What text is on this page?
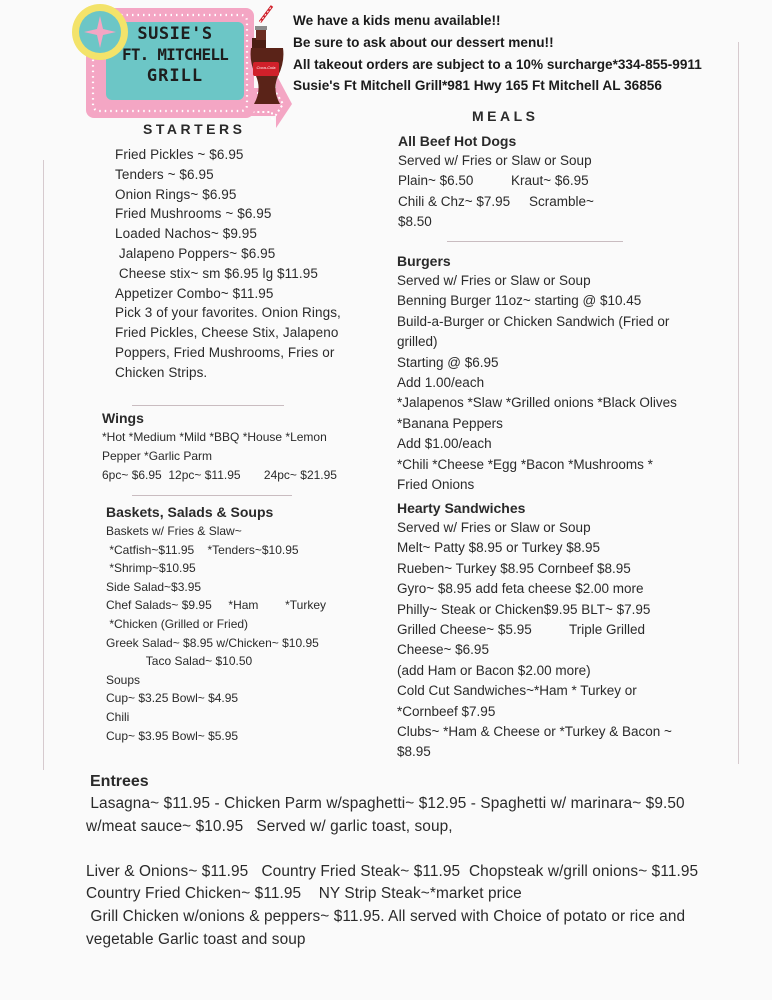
SUSIE'S
FT. MITCHELL
GRILL	Coca-Cola
We have a kids menu available!!
Be sure to ask about our dessert menu!!
All takeout orders are subject to a 10% surcharge*334-855-9911
Susie's Ft Mitchell Grill*981 Hwy 165 Ft Mitchell AL 36856
STARTERS
Fried Pickles ~ $6.95
Tenders ~ $6.95
Onion Rings~ $6.95
Fried Mushrooms ~ $6.95
Loaded Nachos~ $9.95
Jalapeno Poppers~ $6.95
Cheese stix~ sm $6.95 lg $11.95
Appetizer Combo~ $11.95
Pick 3 of your favorites. Onion Rings,
Fried Pickles, Cheese Stix, Jalapeno
Poppers, Fried Mushrooms, Fries or
Chicken Strips.
Wings
*Hot *Medium *Mild *BBQ *House *Lemon
Pepper *Garlic Parm
6pc~ $6.95  12pc~ $11.95       24pc~ $21.95
Baskets, Salads & Soups
Baskets w/ Fries & Slaw~
*Catfish~$11.95    *Tenders~$10.95
*Shrimp~$10.95
Side Salad~$3.95
Chef Salads~ $9.95     *Ham        *Turkey
*Chicken (Grilled or Fried)
Greek Salad~ $8.95 w/Chicken~ $10.95
Taco Salad~ $10.50
Soups
Cup~ $3.25 Bowl~ $4.95
Chili
Cup~ $3.95 Bowl~ $5.95
MEALS
All Beef Hot Dogs
Served w/ Fries or Slaw or Soup
Plain~ $6.50          Kraut~ $6.95
Chili & Chz~ $7.95     Scramble~
$8.50
Burgers
Served w/ Fries or Slaw or Soup
Benning Burger 11oz~ starting @ $10.45
Build-a-Burger or Chicken Sandwich (Fried or
grilled)
Starting @ $6.95
Add 1.00/each
*Jalapenos *Slaw *Grilled onions *Black Olives
*Banana Peppers
Add $1.00/each
*Chili *Cheese *Egg *Bacon *Mushrooms *
Fried Onions
Hearty Sandwiches
Served w/ Fries or Slaw or Soup
Melt~ Patty $8.95 or Turkey $8.95
Rueben~ Turkey $8.95 Cornbeef $8.95
Gyro~ $8.95 add feta cheese $2.00 more
Philly~ Steak or Chicken$9.95 BLT~ $7.95
Grilled Cheese~ $5.95          Triple Grilled
Cheese~ $6.95
(add Ham or Bacon $2.00 more)
Cold Cut Sandwiches~*Ham * Turkey or
*Cornbeef $7.95
Clubs~ *Ham & Cheese or *Turkey & Bacon ~
$8.95
Entrees
Lasagna~ $11.95 - Chicken Parm w/spaghetti~ $12.95 - Spaghetti w/ marinara~ $9.50
w/meat sauce~ $10.95   Served w/ garlic toast, soup,
Liver & Onions~ $11.95   Country Fried Steak~ $11.95  Chopsteak w/grill onions~ $11.95
Country Fried Chicken~ $11.95    NY Strip Steak~*market price
Grill Chicken w/onions & peppers~ $11.95. All served with Choice of potato or rice and
vegetable Garlic toast and soup
